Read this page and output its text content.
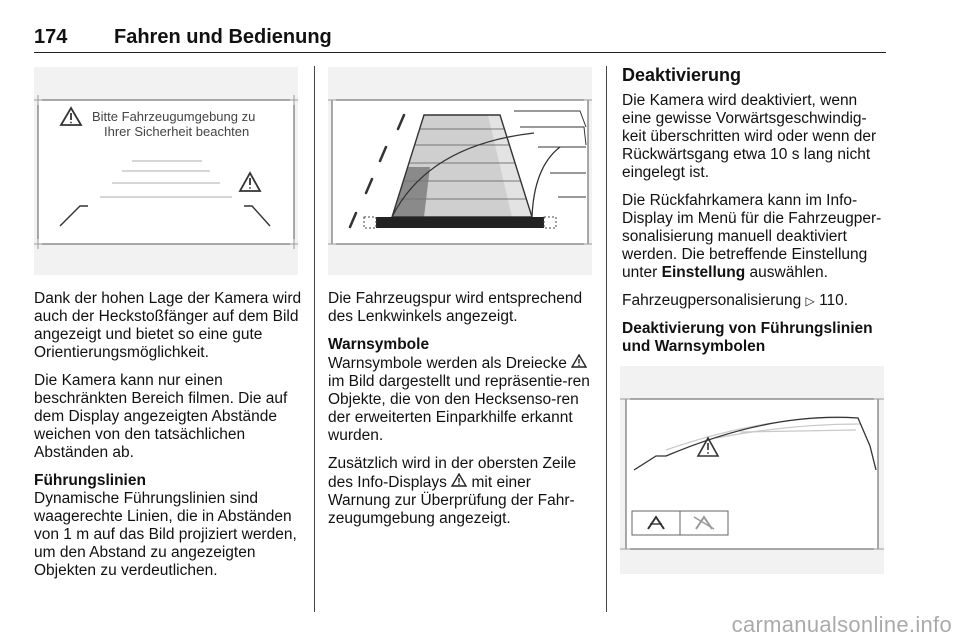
174 Fahren und Bedienung
Bitte Fahrzeugumgebung zu
Ihrer Sicherheit beachten

Dank der hohen Lage der Kamera wird auch der Heckstoßfänger auf dem Bild angezeigt und bietet so eine gute Orientierungsmöglichkeit.

Die Kamera kann nur einen beschränkten Bereich filmen. Die auf dem Display angezeigten Abstände weichen von den tatsächlichen Abständen ab.

Führungslinien

Dynamische Führungslinien sind waagerechte Linien, die in Abständen von 1 m auf das Bild projiziert werden, um den Abstand zu angezeigten Objekten zu verdeutlichen.

Die Fahrzeugspur wird entsprechend des Lenkwinkels angezeigt.

Warnsymbole

Warnsymbole werden als Dreiecke  im Bild dargestellt und repräsentie-ren Objekte, die von den Hecksenso-ren der erweiterten Einparkhilfe erkannt wurden.

Zusätzlich wird in der obersten Zeile des Info-Displays mit einer Warnung zur Überprüfung der Fahr-zeugumgebung angezeigt.

Deaktivierung

Die Kamera wird deaktiviert, wenn eine gewisse Vorwärtsgeschwindig-keit überschritten wird oder wenn der Rückwärtsgang etwa 10 s lang nicht eingelegt ist.

Die Rückfahrkamera kann im Info-Display im Menü für die Fahrzeugper-sonalisierung manuell deaktiviert werden. Die betreffende Einstellung unter Einstellung auswählen.

Fahrzeugpersonalisierung ▷ 110.

Deaktivierung von Führungslinien und Warnsymbolen
carmanualsonline.info
